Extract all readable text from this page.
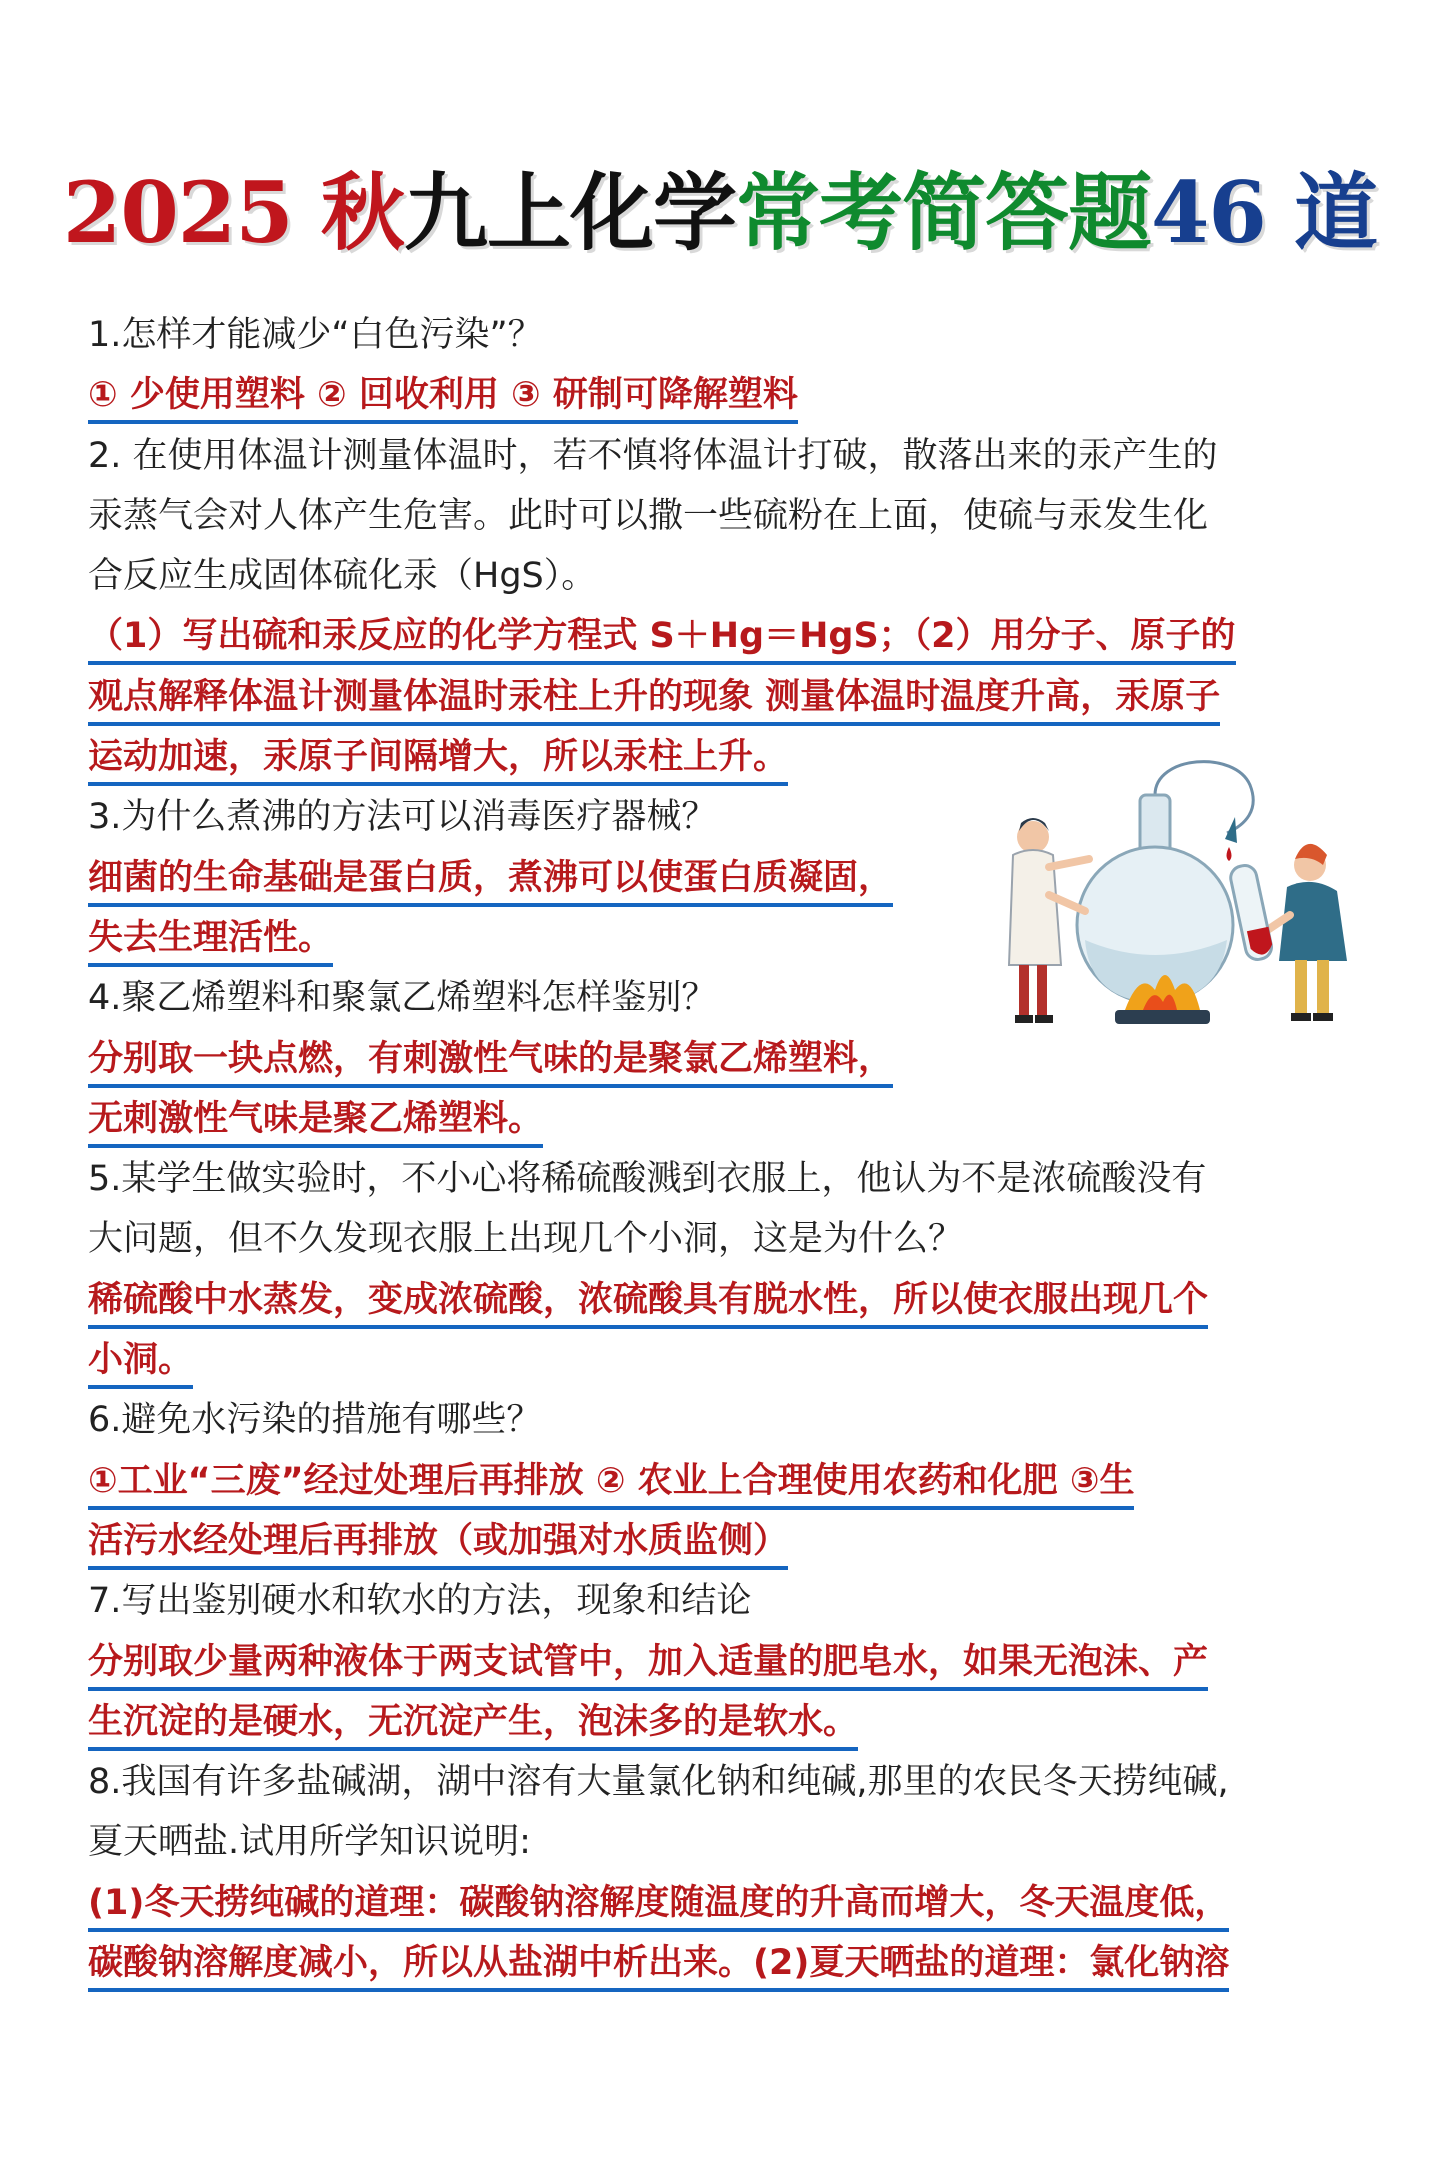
2025 秋九上化学常考简答题46 道
1.怎样才能减少“白色污染”？
① 少使用塑料 ② 回收利用 ③ 研制可降解塑料
2. 在使用体温计测量体温时，若不慎将体温计打破，散落出来的汞产生的
汞蒸气会对人体产生危害。此时可以撒一些硫粉在上面，使硫与汞发生化
合反应生成固体硫化汞（HgS）。
（1）写出硫和汞反应的化学方程式 S＋Hg＝HgS；（2）用分子、原子的
观点解释体温计测量体温时汞柱上升的现象 测量体温时温度升高，汞原子
运动加速，汞原子间隔增大，所以汞柱上升。
3.为什么煮沸的方法可以消毒医疗器械？
细菌的生命基础是蛋白质，煮沸可以使蛋白质凝固，
失去生理活性。
4.聚乙烯塑料和聚氯乙烯塑料怎样鉴别？
分别取一块点燃，有刺激性气味的是聚氯乙烯塑料，
无刺激性气味是聚乙烯塑料。
5.某学生做实验时，不小心将稀硫酸溅到衣服上，他认为不是浓硫酸没有
大问题，但不久发现衣服上出现几个小洞，这是为什么？
稀硫酸中水蒸发，变成浓硫酸，浓硫酸具有脱水性，所以使衣服出现几个
小洞。
6.避免水污染的措施有哪些？
①工业“三废”经过处理后再排放 ② 农业上合理使用农药和化肥 ③生
活污水经处理后再排放（或加强对水质监侧）
7.写出鉴别硬水和软水的方法，现象和结论
分别取少量两种液体于两支试管中，加入适量的肥皂水，如果无泡沫、产
生沉淀的是硬水，无沉淀产生，泡沫多的是软水。
8.我国有许多盐碱湖，湖中溶有大量氯化钠和纯碱,那里的农民冬天捞纯碱,
夏天晒盐.试用所学知识说明:
(1)冬天捞纯碱的道理：碳酸钠溶解度随温度的升高而增大，冬天温度低，
碳酸钠溶解度减小，所以从盐湖中析出来。(2)夏天晒盐的道理：氯化钠溶
